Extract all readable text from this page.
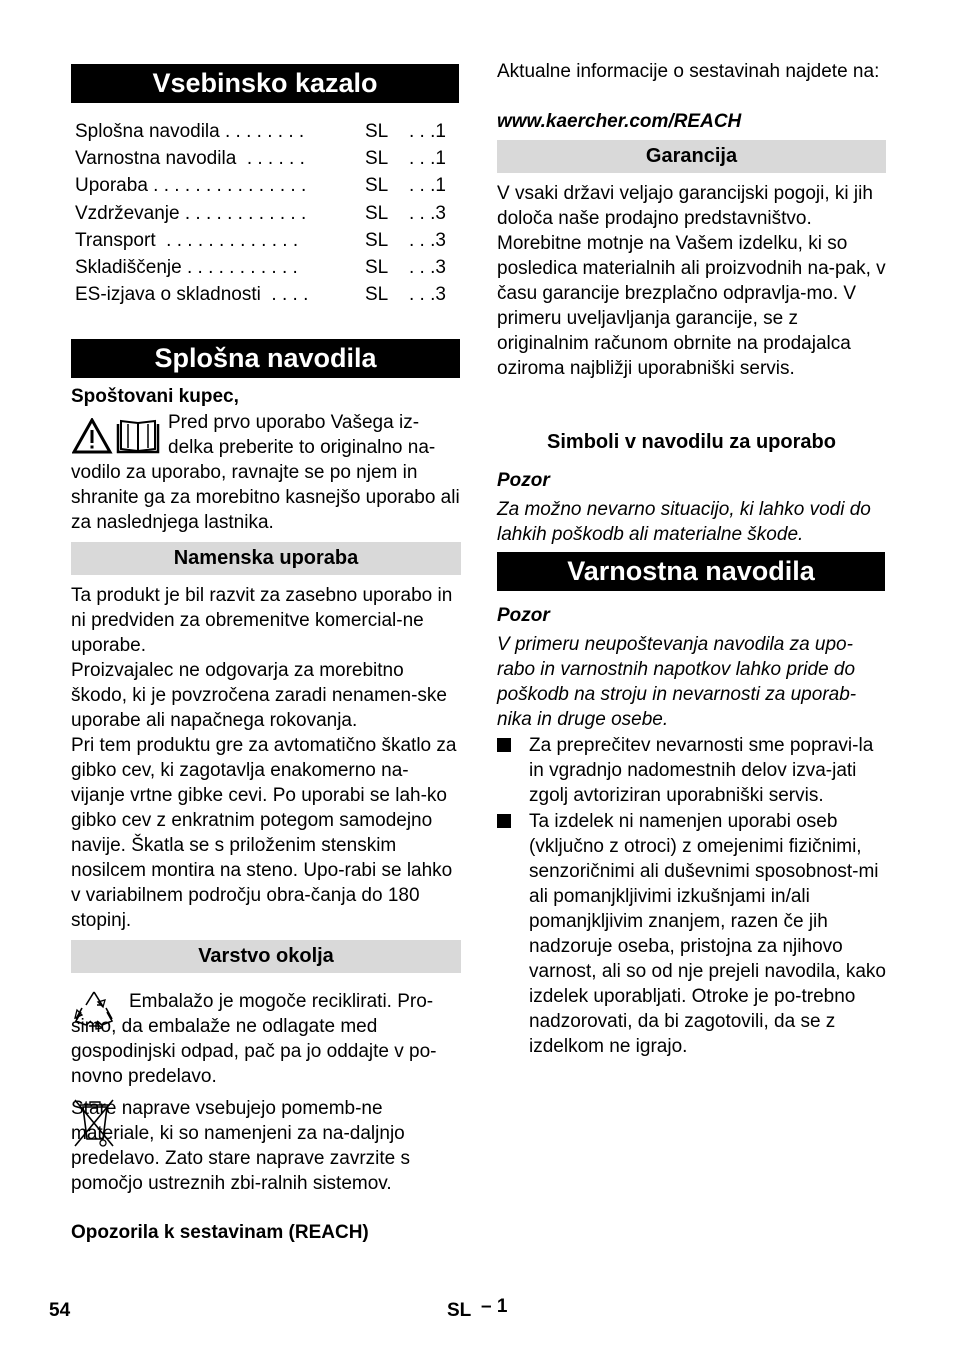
Vsebinsko kazalo
Splošna navodila . . . . . . . .	SL . . .1
Varnostna navodila  . . . . . .	SL . . .1
Uporaba . . . . . . . . . . . . . . .	SL . . .1
Vzdrževanje . . . . . . . . . . . .	SL . . .3
Transport  . . . . . . . . . . . . .	SL . . .3
Skladiščenje . . . . . . . . . . .	SL . . .3
ES-izjava o skladnosti  . . . .	SL . . .3
Splošna navodila
Spoštovani kupec,
Pred prvo uporabo Vašega iz-
delka preberite to originalno na-
vodilo za uporabo, ravnajte se po njem in shranite ga za morebitno kasnejšo uporabo ali za naslednjega lastnika.
Namenska uporaba
Ta produkt je bil razvit za zasebno uporabo in ni predviden za obremenitve komercial-ne uporabe.
Proizvajalec ne odgovarja za morebitno škodo, ki je povzročena zaradi nenamen-ske uporabe ali napačnega rokovanja.
Pri tem produktu gre za avtomatično škatlo za gibko cev, ki zagotavlja enakomerno na-vijanje vrtne gibke cevi. Po uporabi se lah-ko gibko cev z enkratnim potegom samodejno navije. Škatla se s priloženim stenskim nosilcem montira na steno. Upo-rabi se lahko v variabilnem področju obra-čanja do 180 stopinj.
Varstvo okolja
Embalažo je mogoče reciklirati. Pro-simo, da embalaže ne odlagate med gospodinjski odpad, pač pa jo oddajte v po-novno predelavo.
Stare naprave vsebujejo pomemb-ne materiale, ki so namenjeni za na-daljnjo predelavo. Zato stare naprave zavrzite s pomočjo ustreznih zbi-ralnih sistemov.
Opozorila k sestavinam (REACH)
Aktualne informacije o sestavinah najdete na:
www.kaercher.com/REACH
Garancija
V vsaki državi veljajo garancijski pogoji, ki jih določa naše prodajno predstavništvo. Morebitne motnje na Vašem izdelku, ki so posledica materialnih ali proizvodnih na-pak, v času garancije brezplačno odpravlja-mo. V primeru uveljavljanja garancije, se z originalnim računom obrnite na prodajalca oziroma najbližji uporabniški servis.
Simboli v navodilu za uporabo
Pozor
Za možno nevarno situacijo, ki lahko vodi do lahkih poškodb ali materialne škode.
Varnostna navodila
Pozor
V primeru neupoštevanja navodila za upo-rabo in varnostnih napotkov lahko pride do poškodb na stroju in nevarnosti za uporab-nika in druge osebe.
Za preprečitev nevarnosti sme popravi-la in vgradnjo nadomestnih delov izva-jati zgolj avtoriziran uporabniški servis.
Ta izdelek ni namenjen uporabi oseb (vključno z otroci) z omejenimi fizičnimi, senzoričnimi ali duševnimi sposobnost-mi ali pomanjkljivimi izkušnjami in/ali pomanjkljivim znanjem, razen če jih nadzoruje oseba, pristojna za njihovo varnost, ali so od nje prejeli navodila, kako izdelek uporabljati. Otroke je po-trebno nadzorovati, da bi zagotovili, da se z izdelkom ne igrajo.
54	SL – 1
